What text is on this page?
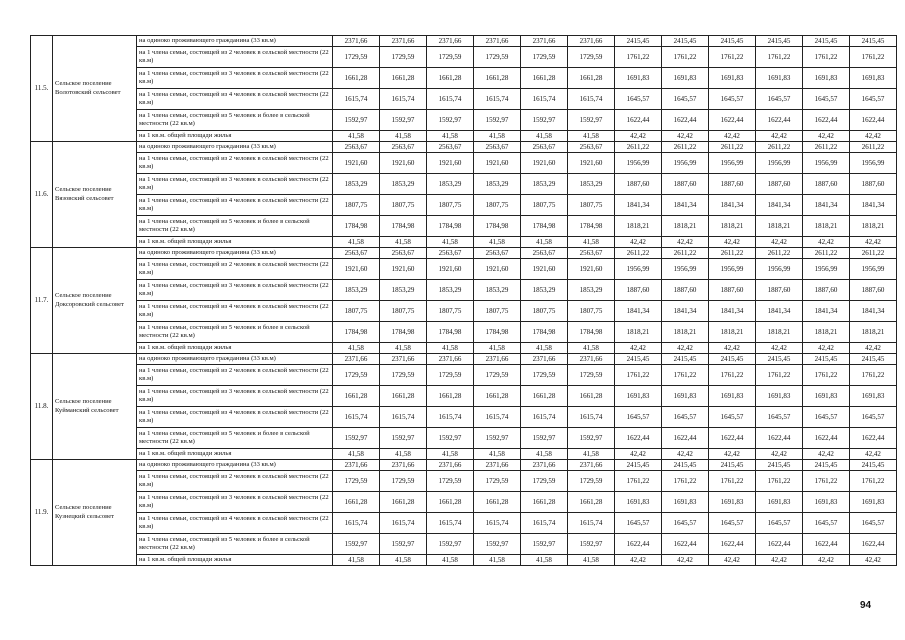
11.5.	Сельское поселение Волотовский сельсовет	на одиноко проживающего гражданина (33 кв.м)	2371,66	2371,66	2371,66	2371,66	2371,66	2371,66	2415,45	2415,45	2415,45	2415,45	2415,45	2415,45
		на 1 члена семьи, состоящей из 2 человек в сельской местности (22 кв.м)	1729,59	1729,59	1729,59	1729,59	1729,59	1729,59	1761,22	1761,22	1761,22	1761,22	1761,22	1761,22
		на 1 члена семьи, состоящей из 3 человек в сельской местности (22 кв.м)	1661,28	1661,28	1661,28	1661,28	1661,28	1661,28	1691,83	1691,83	1691,83	1691,83	1691,83	1691,83
		на 1 члена семьи, состоящей из 4 человек в сельской местности (22 кв.м)	1615,74	1615,74	1615,74	1615,74	1615,74	1615,74	1645,57	1645,57	1645,57	1645,57	1645,57	1645,57
		на 1 члена семьи, состоящей из 5 человек и более в сельской местности (22 кв.м)	1592,97	1592,97	1592,97	1592,97	1592,97	1592,97	1622,44	1622,44	1622,44	1622,44	1622,44	1622,44
		на 1 кв.м. общей площади жилья	41,58	41,58	41,58	41,58	41,58	41,58	42,42	42,42	42,42	42,42	42,42	42,42
11.6.	Сельское поселение Вязовский сельсовет	на одиноко проживающего гражданина (33 кв.м)	2563,67	2563,67	2563,67	2563,67	2563,67	2563,67	2611,22	2611,22	2611,22	2611,22	2611,22	2611,22
		на 1 члена семьи, состоящей из 2 человек в сельской местности (22 кв.м)	1921,60	1921,60	1921,60	1921,60	1921,60	1921,60	1956,99	1956,99	1956,99	1956,99	1956,99	1956,99
		на 1 члена семьи, состоящей из 3 человек в сельской местности (22 кв.м)	1853,29	1853,29	1853,29	1853,29	1853,29	1853,29	1887,60	1887,60	1887,60	1887,60	1887,60	1887,60
		на 1 члена семьи, состоящей из 4 человек в сельской местности (22 кв.м)	1807,75	1807,75	1807,75	1807,75	1807,75	1807,75	1841,34	1841,34	1841,34	1841,34	1841,34	1841,34
		на 1 члена семьи, состоящей из 5 человек и более в сельской местности (22 кв.м)	1784,98	1784,98	1784,98	1784,98	1784,98	1784,98	1818,21	1818,21	1818,21	1818,21	1818,21	1818,21
		на 1 кв.м. общей площади жилья	41,58	41,58	41,58	41,58	41,58	41,58	42,42	42,42	42,42	42,42	42,42	42,42
11.7.	Сельское поселение Доксоровский сельсовет	на одиноко проживающего гражданина (33 кв.м)	2563,67	2563,67	2563,67	2563,67	2563,67	2563,67	2611,22	2611,22	2611,22	2611,22	2611,22	2611,22
		на 1 члена семьи, состоящей из 2 человек в сельской местности (22 кв.м)	1921,60	1921,60	1921,60	1921,60	1921,60	1921,60	1956,99	1956,99	1956,99	1956,99	1956,99	1956,99
		на 1 члена семьи, состоящей из 3 человек в сельской местности (22 кв.м)	1853,29	1853,29	1853,29	1853,29	1853,29	1853,29	1887,60	1887,60	1887,60	1887,60	1887,60	1887,60
		на 1 члена семьи, состоящей из 4 человек в сельской местности (22 кв.м)	1807,75	1807,75	1807,75	1807,75	1807,75	1807,75	1841,34	1841,34	1841,34	1841,34	1841,34	1841,34
		на 1 члена семьи, состоящей из 5 человек и более в сельской местности (22 кв.м)	1784,98	1784,98	1784,98	1784,98	1784,98	1784,98	1818,21	1818,21	1818,21	1818,21	1818,21	1818,21
		на 1 кв.м. общей площади жилья	41,58	41,58	41,58	41,58	41,58	41,58	42,42	42,42	42,42	42,42	42,42	42,42
11.8.	Сельское поселение Куйманский сельсовет	на одиноко проживающего гражданина (33 кв.м)	2371,66	2371,66	2371,66	2371,66	2371,66	2371,66	2415,45	2415,45	2415,45	2415,45	2415,45	2415,45
		на 1 члена семьи, состоящей из 2 человек в сельской местности (22 кв.м)	1729,59	1729,59	1729,59	1729,59	1729,59	1729,59	1761,22	1761,22	1761,22	1761,22	1761,22	1761,22
		на 1 члена семьи, состоящей из 3 человек в сельской местности (22 кв.м)	1661,28	1661,28	1661,28	1661,28	1661,28	1661,28	1691,83	1691,83	1691,83	1691,83	1691,83	1691,83
		на 1 члена семьи, состоящей из 4 человек в сельской местности (22 кв.м)	1615,74	1615,74	1615,74	1615,74	1615,74	1615,74	1645,57	1645,57	1645,57	1645,57	1645,57	1645,57
		на 1 члена семьи, состоящей из 5 человек и более в сельской местности (22 кв.м)	1592,97	1592,97	1592,97	1592,97	1592,97	1592,97	1622,44	1622,44	1622,44	1622,44	1622,44	1622,44
		на 1 кв.м. общей площади жилья	41,58	41,58	41,58	41,58	41,58	41,58	42,42	42,42	42,42	42,42	42,42	42,42
11.9.	Сельское поселение Кузнецкий сельсовет	на одиноко проживающего гражданина (33 кв.м)	2371,66	2371,66	2371,66	2371,66	2371,66	2371,66	2415,45	2415,45	2415,45	2415,45	2415,45	2415,45
		на 1 члена семьи, состоящей из 2 человек в сельской местности (22 кв.м)	1729,59	1729,59	1729,59	1729,59	1729,59	1729,59	1761,22	1761,22	1761,22	1761,22	1761,22	1761,22
		на 1 члена семьи, состоящей из 3 человек в сельской местности (22 кв.м)	1661,28	1661,28	1661,28	1661,28	1661,28	1661,28	1691,83	1691,83	1691,83	1691,83	1691,83	1691,83
		на 1 члена семьи, состоящей из 4 человек в сельской местности (22 кв.м)	1615,74	1615,74	1615,74	1615,74	1615,74	1615,74	1645,57	1645,57	1645,57	1645,57	1645,57	1645,57
		на 1 члена семьи, состоящей из 5 человек и более в сельской местности (22 кв.м)	1592,97	1592,97	1592,97	1592,97	1592,97	1592,97	1622,44	1622,44	1622,44	1622,44	1622,44	1622,44
		на 1 кв.м. общей площади жилья	41,58	41,58	41,58	41,58	41,58	41,58	42,42	42,42	42,42	42,42	42,42	42,42
94
